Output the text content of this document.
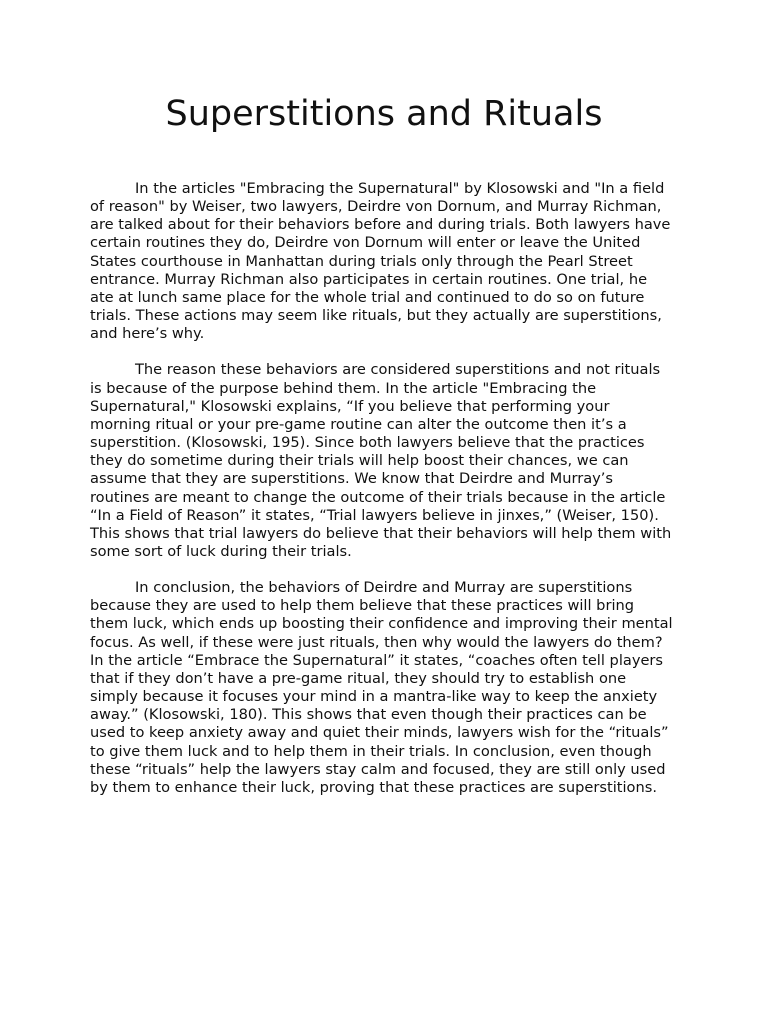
Superstitions and Rituals

In the articles "Embracing the Supernatural" by Klosowski and "In a field of reason" by Weiser, two lawyers, Deirdre von Dornum, and Murray Richman, are talked about for their behaviors before and during trials. Both lawyers have certain routines they do, Deirdre von Dornum will enter or leave the United States courthouse in Manhattan during trials only through the Pearl Street entrance. Murray Richman also participates in certain routines. One trial, he ate at lunch same place for the whole trial and continued to do so on future trials. These actions may seem like rituals, but they actually are superstitions, and here’s why.

The reason these behaviors are considered superstitions and not rituals is because of the purpose behind them. In the article "Embracing the Supernatural," Klosowski explains, “If you believe that performing your morning ritual or your pre-game routine can alter the outcome then it’s a superstition. (Klosowski, 195). Since both lawyers believe that the practices they do sometime during their trials will help boost their chances, we can assume that they are superstitions. We know that Deirdre and Murray’s routines are meant to change the outcome of their trials because in the article “In a Field of Reason” it states, “Trial lawyers believe in jinxes,” (Weiser, 150). This shows that trial lawyers do believe that their behaviors will help them with some sort of luck during their trials.

In conclusion, the behaviors of Deirdre and Murray are superstitions because they are used to help them believe that these practices will bring them luck, which ends up boosting their confidence and improving their mental focus. As well, if these were just rituals, then why would the lawyers do them? In the article “Embrace the Supernatural” it states, “coaches often tell players that if they don’t have a pre-game ritual, they should try to establish one simply because it focuses your mind in a mantra-like way to keep the anxiety away.” (Klosowski, 180). This shows that even though their practices can be used to keep anxiety away and quiet their minds, lawyers wish for the “rituals” to give them luck and to help them in their trials. In conclusion, even though these “rituals” help the lawyers stay calm and focused, they are still only used by them to enhance their luck, proving that these practices are superstitions.
